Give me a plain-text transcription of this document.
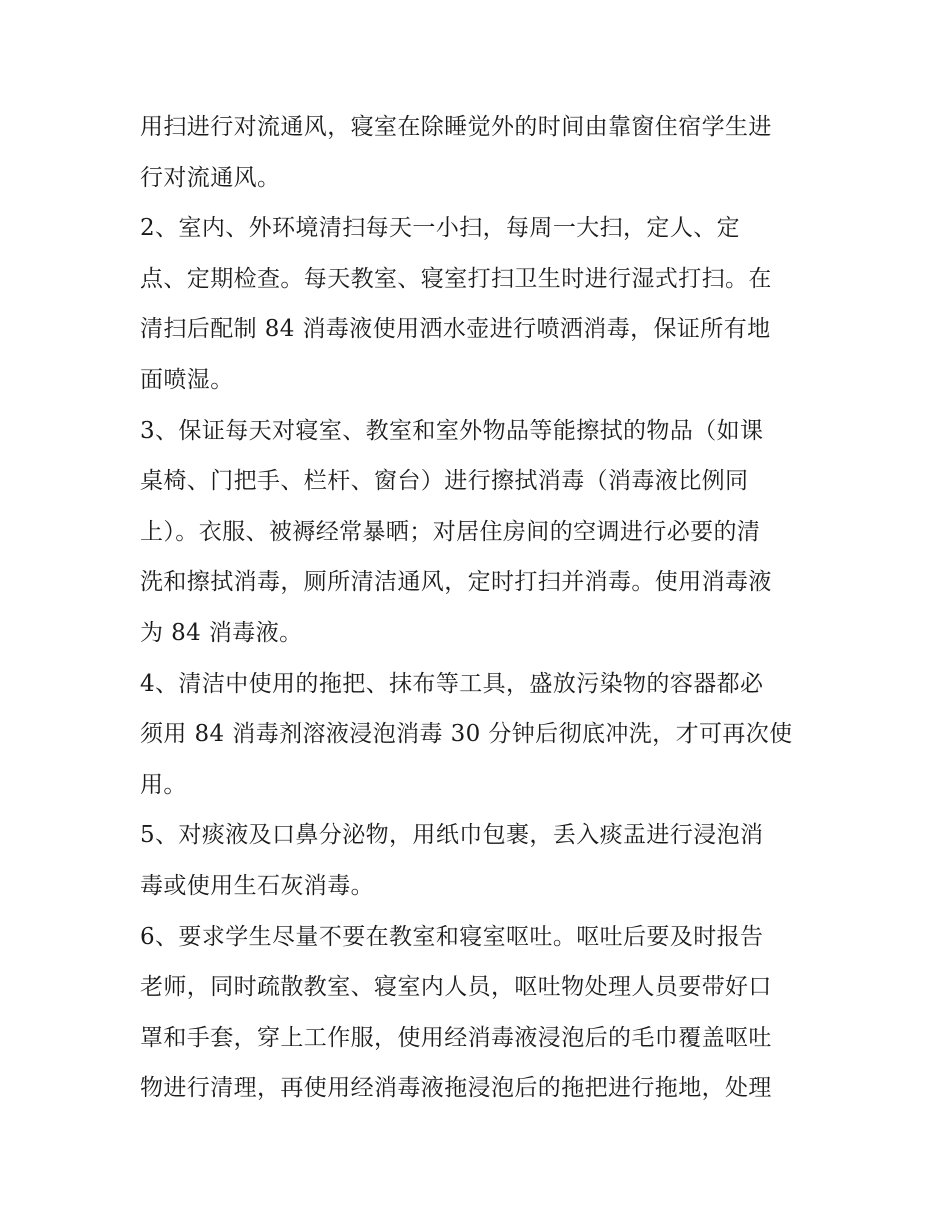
用扫进行对流通风，寝室在除睡觉外的时间由靠窗住宿学生进
行对流通风。
2、室内、外环境清扫每天一小扫，每周一大扫，定人、定
点、定期检查。每天教室、寝室打扫卫生时进行湿式打扫。在
清扫后配制 84 消毒液使用洒水壶进行喷洒消毒，保证所有地
面喷湿。
3、保证每天对寝室、教室和室外物品等能擦拭的物品（如课
桌椅、门把手、栏杆、窗台）进行擦拭消毒（消毒液比例同
上）。衣服、被褥经常暴晒；对居住房间的空调进行必要的清
洗和擦拭消毒，厕所清洁通风，定时打扫并消毒。使用消毒液
为 84 消毒液。
4、清洁中使用的拖把、抹布等工具，盛放污染物的容器都必
须用 84 消毒剂溶液浸泡消毒 30 分钟后彻底冲洗，才可再次使
用。
5、对痰液及口鼻分泌物，用纸巾包裹，丢入痰盂进行浸泡消
毒或使用生石灰消毒。
6、要求学生尽量不要在教室和寝室呕吐。呕吐后要及时报告
老师，同时疏散教室、寝室内人员，呕吐物处理人员要带好口
罩和手套，穿上工作服，使用经消毒液浸泡后的毛巾覆盖呕吐
物进行清理，再使用经消毒液拖浸泡后的拖把进行拖地，处理
